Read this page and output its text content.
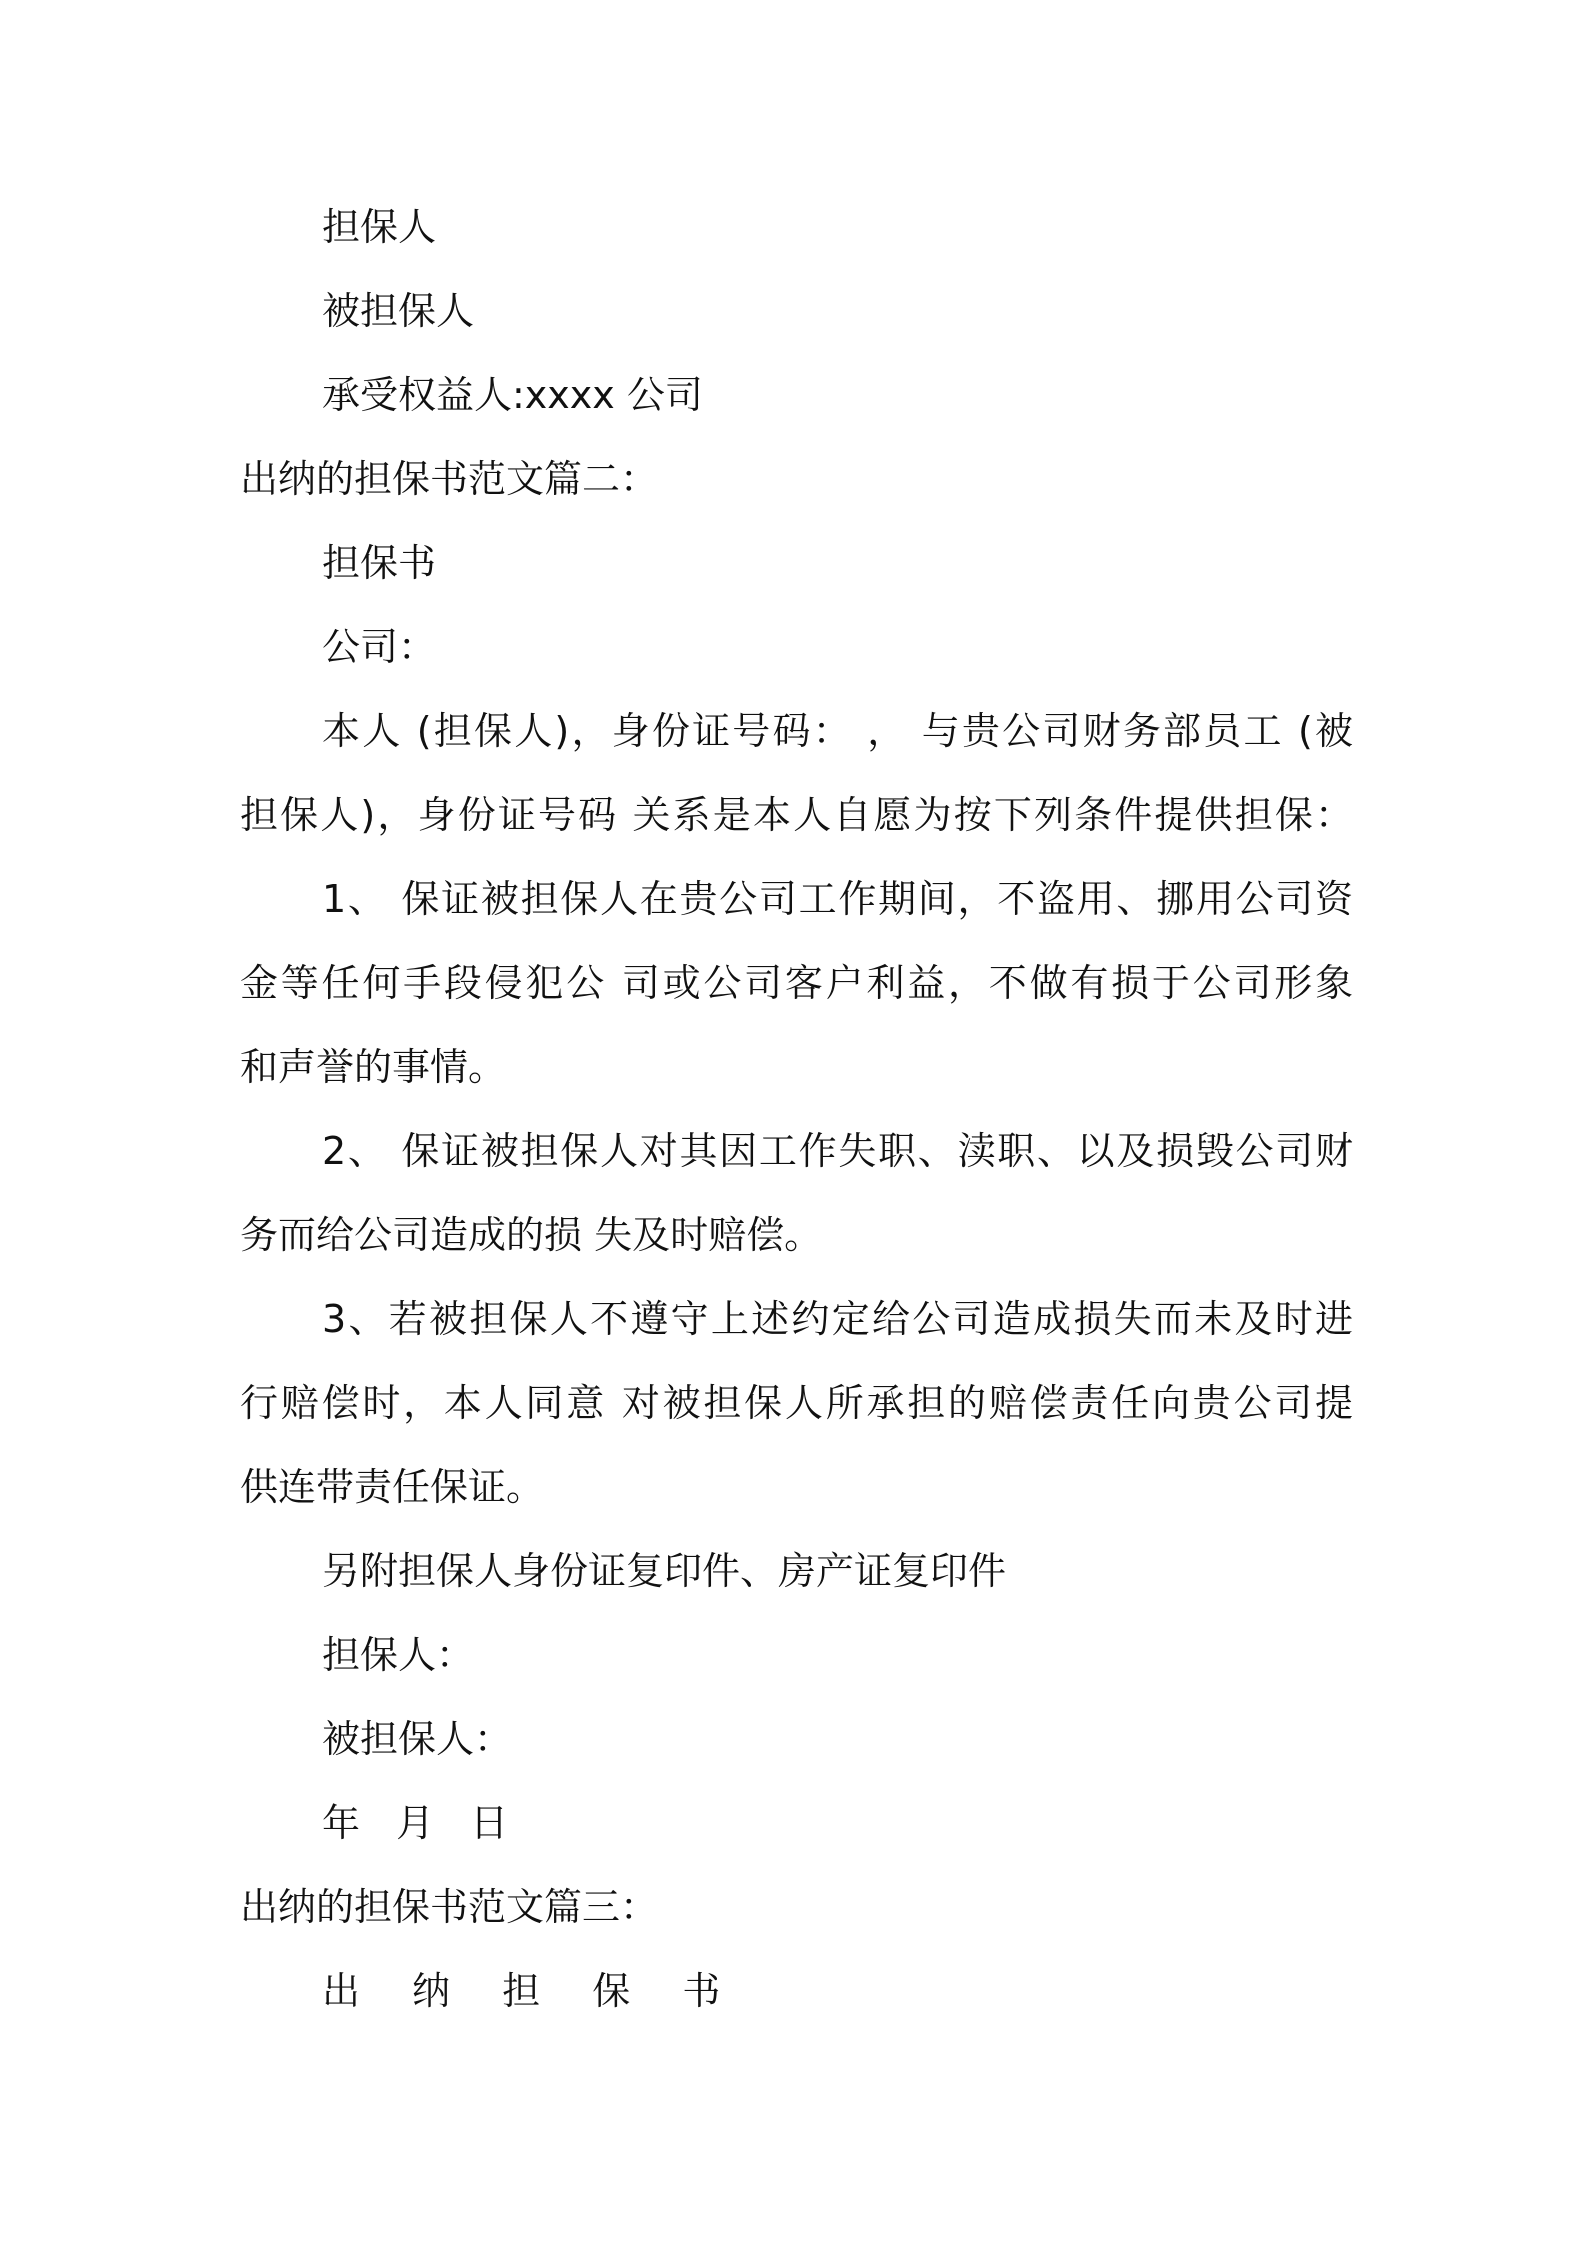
担保人
被担保人
承受权益人:xxxx 公司
出纳的担保书范文篇二：
担保书
公司：
本人 (担保人)，身份证号码： ， 与贵公司财务部员工 (被
担保人)，身份证号码 关系是本人自愿为按下列条件提供担保：
1、 保证被担保人在贵公司工作期间，不盗用、挪用公司资
金等任何手段侵犯公 司或公司客户利益，不做有损于公司形象
和声誉的事情。
2、 保证被担保人对其因工作失职、渎职、以及损毁公司财
务而给公司造成的损 失及时赔偿。
3、若被担保人不遵守上述约定给公司造成损失而未及时进
行赔偿时，本人同意 对被担保人所承担的赔偿责任向贵公司提
供连带责任保证。
另附担保人身份证复印件、房产证复印件
担保人：
被担保人：
年 月 日
出纳的担保书范文篇三：
出 纳 担 保 书
